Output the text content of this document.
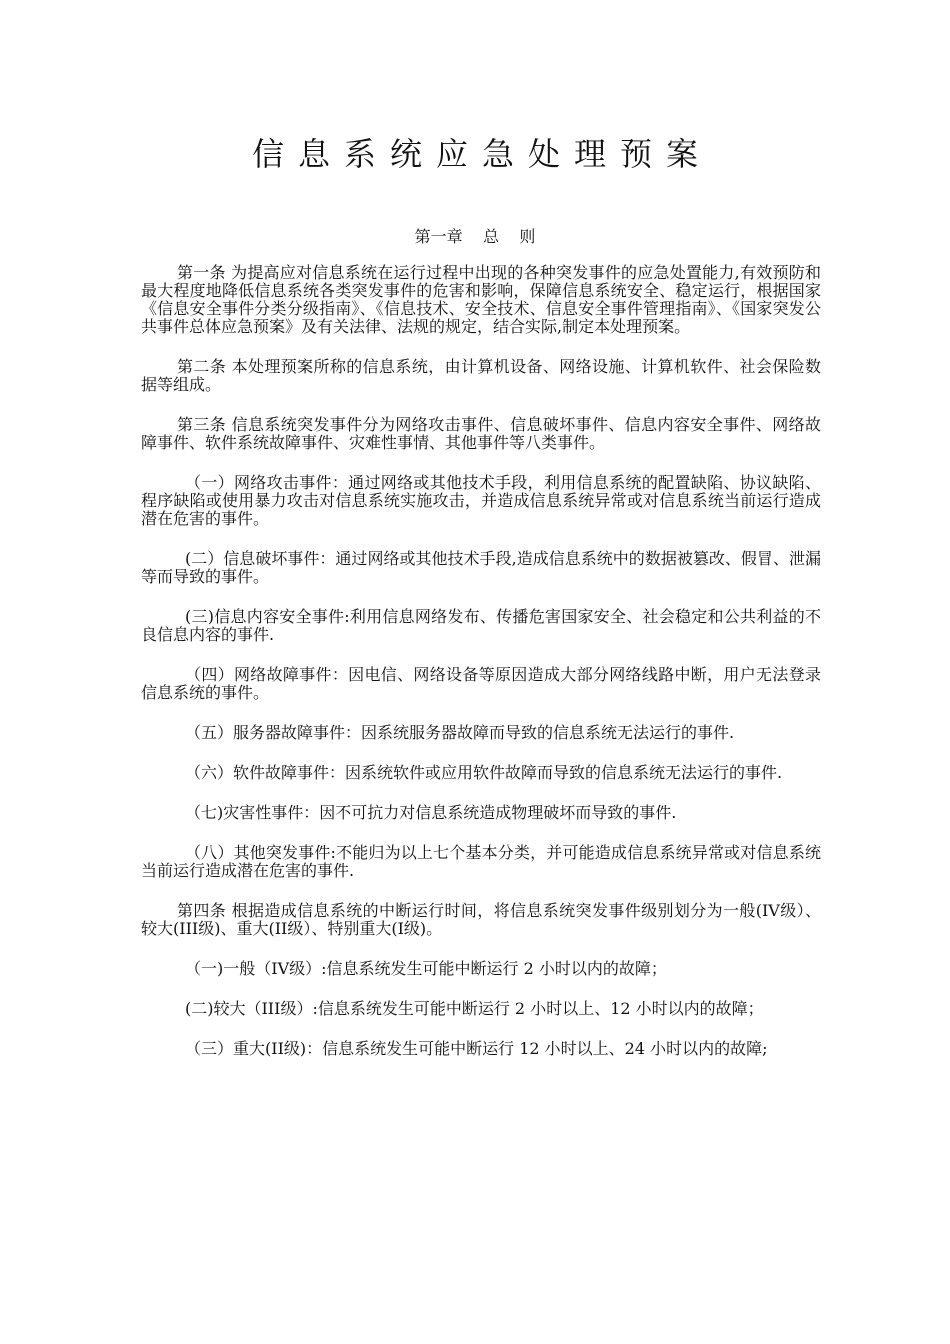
信息系统应急处理预案
第一章    总    则

第一条 为提高应对信息系统在运行过程中出现的各种突发事件的应急处置能力,有效预防和最大程度地降低信息系统各类突发事件的危害和影响，保障信息系统安全、稳定运行，根据国家《信息安全事件分类分级指南》、《信息技术、安全技术、信息安全事件管理指南》、《国家突发公共事件总体应急预案》及有关法律、法规的规定，结合实际,制定本处理预案。

第二条 本处理预案所称的信息系统，由计算机设备、网络设施、计算机软件、社会保险数据等组成。

第三条 信息系统突发事件分为网络攻击事件、信息破坏事件、信息内容安全事件、网络故障事件、软件系统故障事件、灾难性事情、其他事件等八类事件。

（一）网络攻击事件：通过网络或其他技术手段，利用信息系统的配置缺陷、协议缺陷、程序缺陷或使用暴力攻击对信息系统实施攻击，并造成信息系统异常或对信息系统当前运行造成潜在危害的事件。

(二）信息破坏事件：通过网络或其他技术手段,造成信息系统中的数据被篡改、假冒、泄漏等而导致的事件。

(三)信息内容安全事件:利用信息网络发布、传播危害国家安全、社会稳定和公共利益的不良信息内容的事件.

（四）网络故障事件：因电信、网络设备等原因造成大部分网络线路中断，用户无法登录信息系统的事件。

（五）服务器故障事件：因系统服务器故障而导致的信息系统无法运行的事件.

（六）软件故障事件：因系统软件或应用软件故障而导致的信息系统无法运行的事件.

（七)灾害性事件：因不可抗力对信息系统造成物理破坏而导致的事件.

（八）其他突发事件:不能归为以上七个基本分类，并可能造成信息系统异常或对信息系统当前运行造成潜在危害的事件.

第四条 根据造成信息系统的中断运行时间，将信息系统突发事件级别划分为一般(IV级）、较大(III级)、重大(II级）、特别重大(I级)。

（一)一般（IV级）:信息系统发生可能中断运行 2 小时以内的故障；

(二)较大（III级）:信息系统发生可能中断运行 2 小时以上、12 小时以内的故障；

（三）重大(II级)：信息系统发生可能中断运行 12 小时以上、24 小时以内的故障;
